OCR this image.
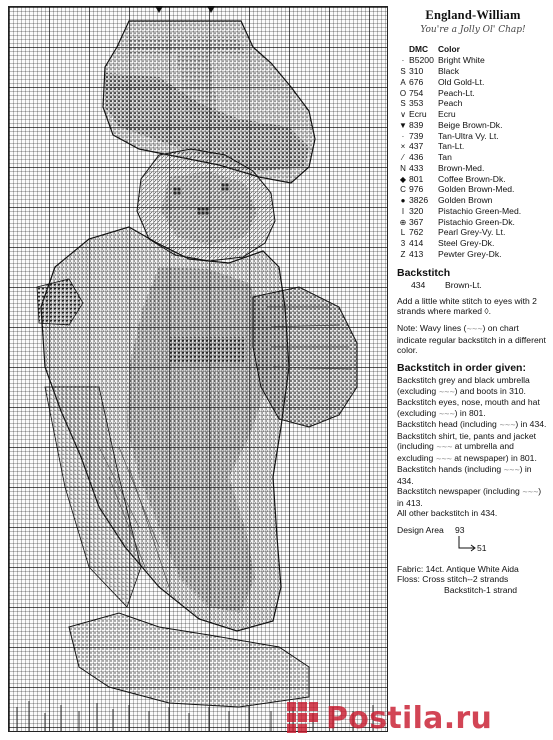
England-William
You're a Jolly Ol' Chap!
DMC	Color
· B5200 Bright White
S 310	Black
A 676	Old Gold-Lt.
O 754	Peach-Lt.
S 353	Peach
∨ Ecru	Ecru
▼ 839	Beige Brown-Dk.
· 739	Tan-Ultra Vy. Lt.
× 437	Tan-Lt.
⁄ 436	Tan
N 433	Brown-Med.
◆ 801	Coffee Brown-Dk.
C 976	Golden Brown-Med.
● 3826	Golden Brown
I 320	Pistachio Green-Med.
⊕ 367	Pistachio Green-Dk.
L 762	Pearl Grey-Vy. Lt.
3 414	Steel Grey-Dk.
Z 413	Pewter Grey-Dk.
Backstitch
434	Brown-Lt.
Add a little white stitch to eyes with 2 strands where marked ◊.
Note: Wavy lines (∼∼∼) on chart indicate regular backstitch in a different color.
Backstitch in order given:
Backstitch grey and black umbrella (excluding ∼∼∼) and boots in 310.
Backstitch eyes, nose, mouth and hat (excluding ∼∼∼) in 801.
Backstitch head (including ∼∼∼) in 434.
Backstitch shirt, tie, pants and jacket (including ∼∼∼ at umbrella and excluding ∼∼∼ at newspaper) in 801.
Backstitch hands (including ∼∼∼) in 434.
Backstitch newspaper (including ∼∼∼) in 413.
All other backstitch in 434.
Design Area 93
51
Fabric: 14ct. Antique White Aida
Floss: Cross stitch--2 strands
Backstitch-1 strand
Postila.ru
